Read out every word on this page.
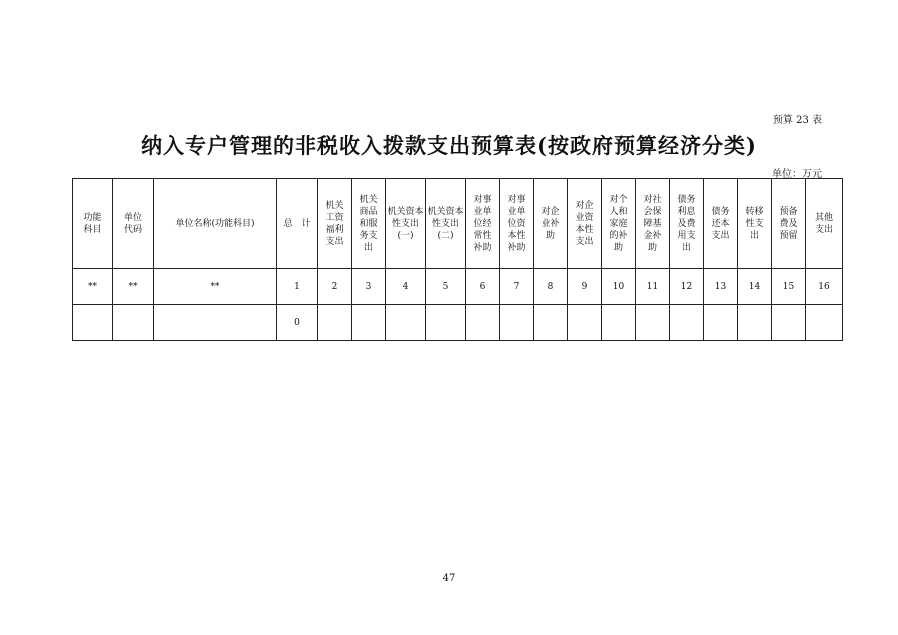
预算 23 表
纳入专户管理的非税收入拨款支出预算表(按政府预算经济分类)
单位：万元
功能科目	单位代码	单位名称(功能科目)	总　计	机关工资福利支出	机关商品和服务支出	机关资本性支出(一)	机关资本性支出(二)	对事业单位经常性补助	对事业单位资本性补助	对企业补助	对企业资本性支出	对个人和家庭的补助	对社会保障基金补助	债务利息及费用支出	债务还本支出	转移性支出	预备费及预留	其他支出
**	**	**	1	2	3	4	5	6	7	8	9	10	11	12	13	14	15	16
			0															
47
